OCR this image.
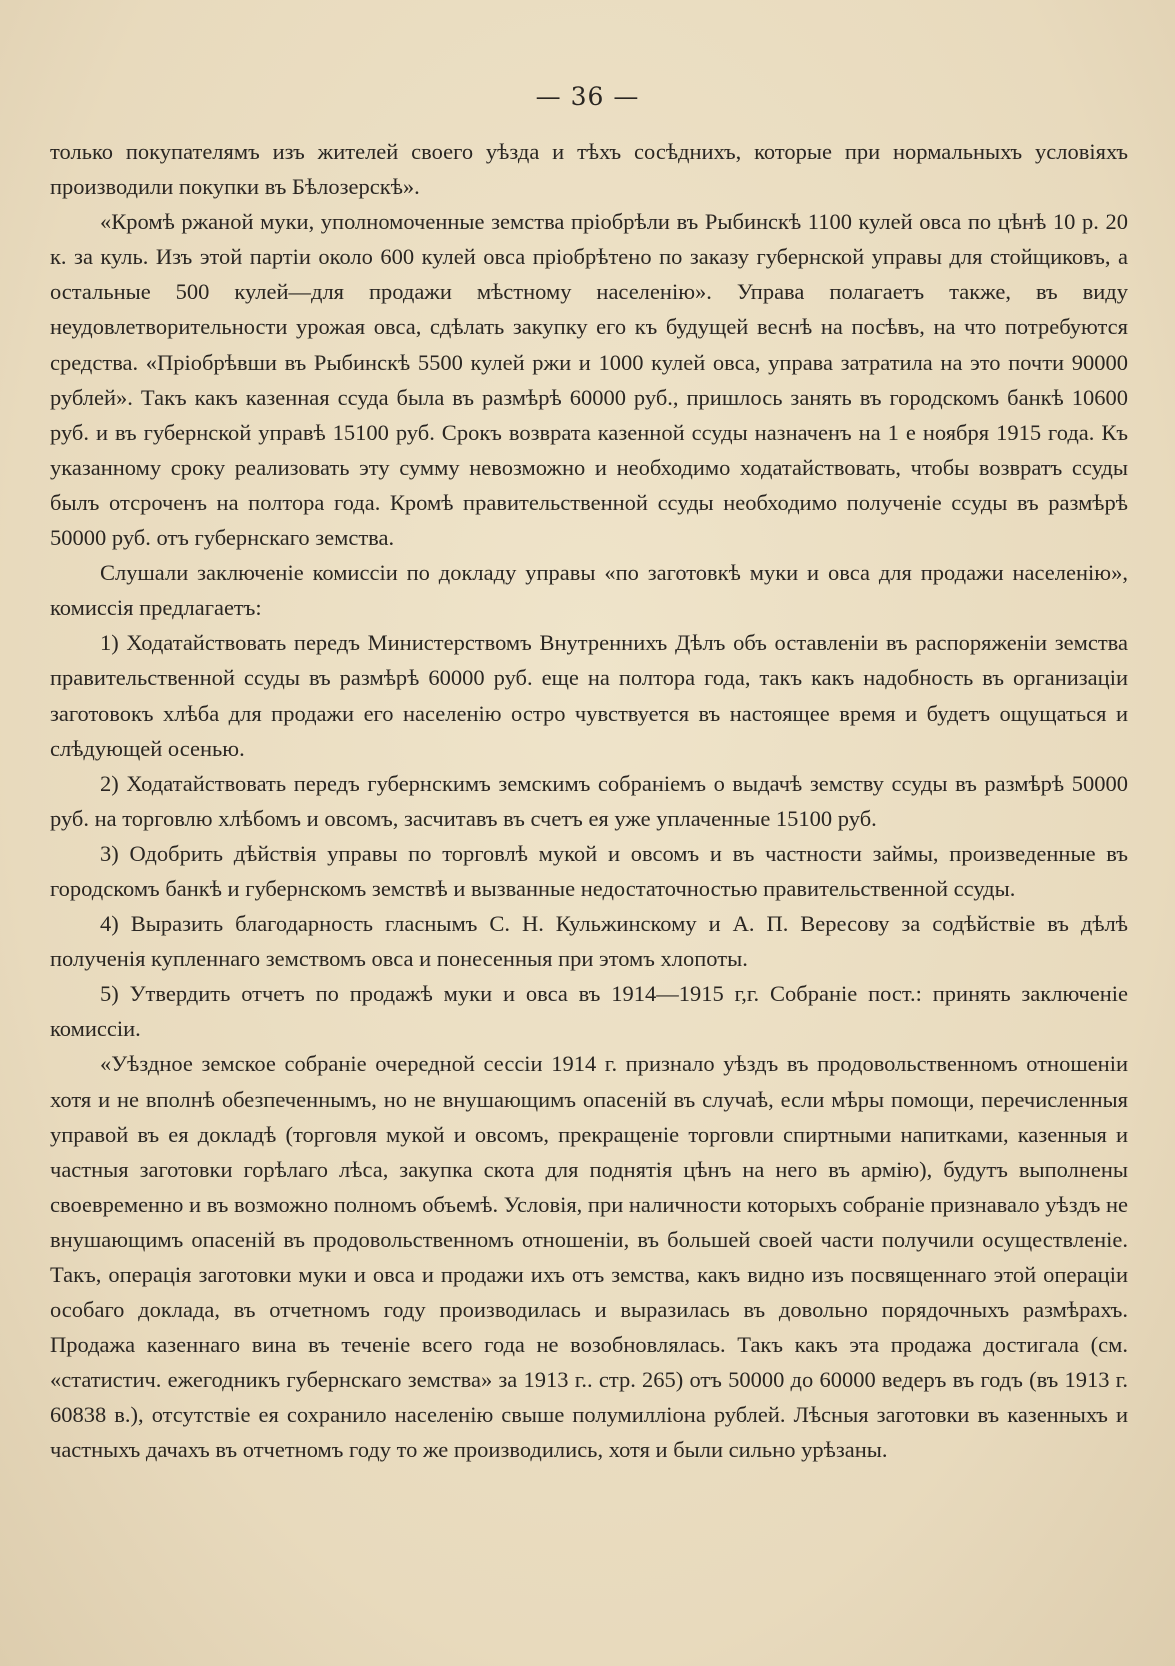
— 36 —

только покупателямъ изъ жителей своего уѣзда и тѣхъ сосѣднихъ, которые при нормальныхъ условіяхъ производили покупки въ Бѣлозерскѣ».

«Кромѣ ржаной муки, уполномоченные земства пріобрѣли въ Рыбинскѣ 1100 кулей овса по цѣнѣ 10 р. 20 к. за куль. Изъ этой партіи около 600 кулей овса пріобрѣтено по заказу губернской управы для стойщиковъ, а остальные 500 кулей—для продажи мѣстному населенію». Управа полагаетъ также, въ виду неудовлетворительности урожая овса, сдѣлать закупку его къ будущей веснѣ на посѣвъ, на что потребуются средства. «Пріобрѣвши въ Рыбинскѣ 5500 кулей ржи и 1000 кулей овса, управа затратила на это почти 90000 рублей». Такъ какъ казенная ссуда была въ размѣрѣ 60000 руб., пришлось занять въ городскомъ банкѣ 10600 руб. и въ губернской управѣ 15100 руб. Срокъ возврата казенной ссуды назначенъ на 1 е ноября 1915 года. Къ указанному сроку реализовать эту сумму невозможно и необходимо ходатайствовать, чтобы возвратъ ссуды былъ отсроченъ на полтора года. Кромѣ правительственной ссуды необходимо полученіе ссуды въ размѣрѣ 50000 руб. отъ губернскаго земства.

Слушали заключеніе комиссіи по докладу управы «по заготовкѣ муки и овса для продажи населенію», комиссія предлагаетъ:

1) Ходатайствовать передъ Министерствомъ Внутреннихъ Дѣлъ объ оставленіи въ распоряженіи земства правительственной ссуды въ размѣрѣ 60000 руб. еще на полтора года, такъ какъ надобность въ организаціи заготовокъ хлѣба для продажи его населенію остро чувствуется въ настоящее время и будетъ ощущаться и слѣдующей осенью.

2) Ходатайствовать передъ губернскимъ земскимъ собраніемъ о выдачѣ земству ссуды въ размѣрѣ 50000 руб. на торговлю хлѣбомъ и овсомъ, засчитавъ въ счетъ ея уже уплаченные 15100 руб.

3) Одобрить дѣйствія управы по торговлѣ мукой и овсомъ и въ частности займы, произведенные въ городскомъ банкѣ и губернскомъ земствѣ и вызванные недостаточностью правительственной ссуды.

4) Выразить благодарность гласнымъ С. Н. Кульжинскому и А. П. Вересову за содѣйствіе въ дѣлѣ полученія купленнаго земствомъ овса и понесенныя при этомъ хлопоты.

5) Утвердить отчетъ по продажѣ муки и овса въ 1914—1915 г,г. Собраніе пост.: принять заключеніе комиссіи.

«Уѣздное земское собраніе очередной сессіи 1914 г. признало уѣздъ въ продовольственномъ отношеніи хотя и не вполнѣ обезпеченнымъ, но не внушающимъ опасеній въ случаѣ, если мѣры помощи, перечисленныя управой въ ея докладѣ (торговля мукой и овсомъ, прекращеніе торговли спиртными напитками, казенныя и частныя заготовки горѣлаго лѣса, закупка скота для поднятія цѣнъ на него въ армію), будутъ выполнены своевременно и въ возможно полномъ объемѣ. Условія, при наличности которыхъ собраніе признавало уѣздъ не внушающимъ опасеній въ продовольственномъ отношеніи, въ большей своей части получили осуществленіе. Такъ, операція заготовки муки и овса и продажи ихъ отъ земства, какъ видно изъ посвященнаго этой операціи особаго доклада, въ отчетномъ году производилась и выразилась въ довольно порядочныхъ размѣрахъ. Продажа казеннаго вина въ теченіе всего года не возобновлялась. Такъ какъ эта продажа достигала (см. «статистич. ежегодникъ губернскаго земства» за 1913 г.. стр. 265) отъ 50000 до 60000 ведеръ въ годъ (въ 1913 г. 60838 в.), отсутствіе ея сохранило населенію свыше полумилліона рублей. Лѣсныя заготовки въ казенныхъ и частныхъ дачахъ въ отчетномъ году то же производились, хотя и были сильно урѣзаны.
